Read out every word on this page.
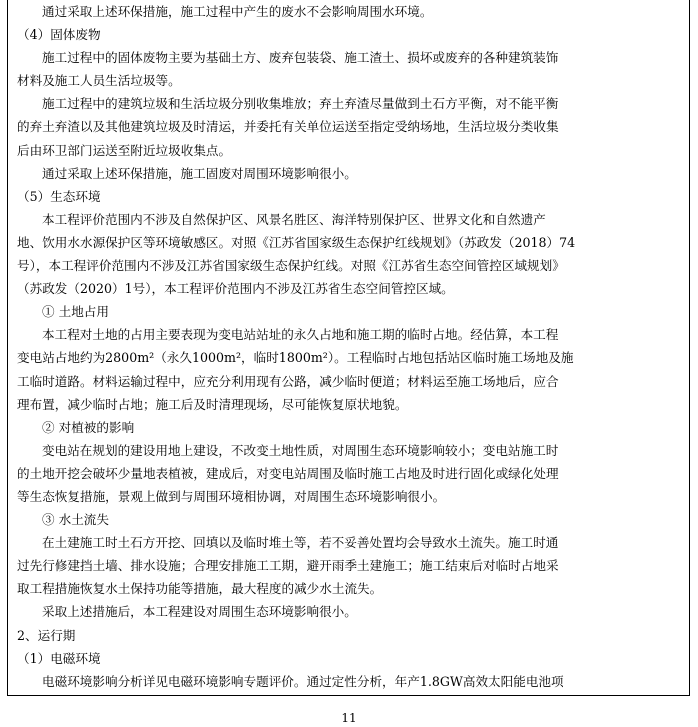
通过采取上述环保措施，施工过程中产生的废水不会影响周围水环境。
（4）固体废物
施工过程中的固体废物主要为基础土方、废弃包装袋、施工渣土、损坏或废弃的各种建筑装饰
材料及施工人员生活垃圾等。
施工过程中的建筑垃圾和生活垃圾分别收集堆放；弃土弃渣尽量做到土石方平衡，对不能平衡
的弃土弃渣以及其他建筑垃圾及时清运，并委托有关单位运送至指定受纳场地，生活垃圾分类收集
后由环卫部门运送至附近垃圾收集点。
通过采取上述环保措施，施工固废对周围环境影响很小。
（5）生态环境
本工程评价范围内不涉及自然保护区、风景名胜区、海洋特别保护区、世界文化和自然遗产
地、饮用水水源保护区等环境敏感区。对照《江苏省国家级生态保护红线规划》（苏政发（2018）74
号），本工程评价范围内不涉及江苏省国家级生态保护红线。对照《江苏省生态空间管控区域规划》
（苏政发（2020）1号），本工程评价范围内不涉及江苏省生态空间管控区域。
① 土地占用
本工程对土地的占用主要表现为变电站站址的永久占地和施工期的临时占地。经估算，本工程
变电站占地约为2800m²（永久1000m²，临时1800m²）。工程临时占地包括站区临时施工场地及施
工临时道路。材料运输过程中，应充分利用现有公路，减少临时便道；材料运至施工场地后，应合
理布置，减少临时占地；施工后及时清理现场，尽可能恢复原状地貌。
② 对植被的影响
变电站在规划的建设用地上建设，不改变土地性质，对周围生态环境影响较小；变电站施工时
的土地开挖会破坏少量地表植被，建成后，对变电站周围及临时施工占地及时进行固化或绿化处理
等生态恢复措施，景观上做到与周围环境相协调，对周围生态环境影响很小。
③ 水土流失
在土建施工时土石方开挖、回填以及临时堆土等，若不妥善处置均会导致水土流失。施工时通
过先行修建挡土墙、排水设施；合理安排施工工期，避开雨季土建施工；施工结束后对临时占地采
取工程措施恢复水土保持功能等措施，最大程度的减少水土流失。
采取上述措施后，本工程建设对周围生态环境影响很小。
2、运行期
（1）电磁环境
电磁环境影响分析详见电磁环境影响专题评价。通过定性分析，年产1.8GW高效太阳能电池项
11
